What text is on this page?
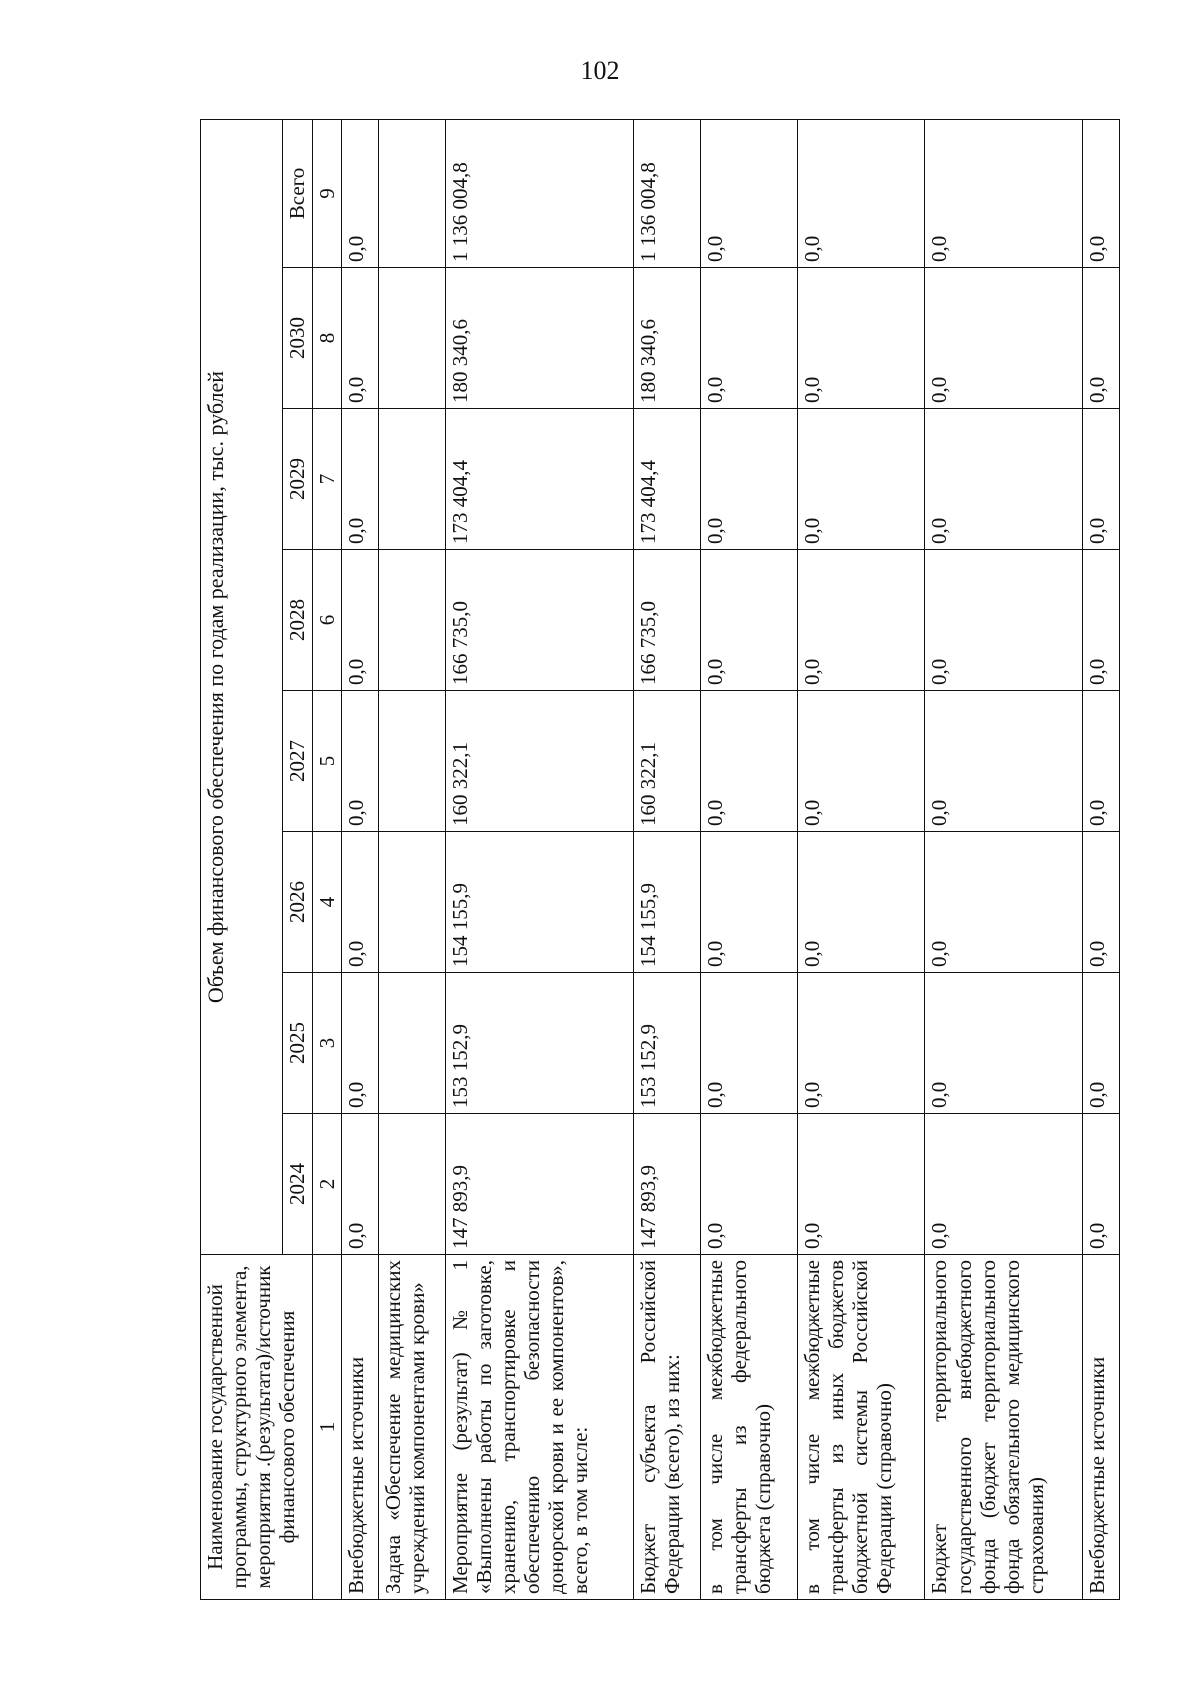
102
Наименование государственной программы, структурного элемента, мероприятия .(результата)/источник финансового обеспечения	Объем финансового обеспечения по годам реализации, тыс. рублей							
	2024	2025	2026	2027	2028	2029	2030	Всего
1	2	3	4	5	6	7	8	9
Внебюджетные источники	0,0	0,0	0,0	0,0	0,0	0,0	0,0	0,0
Задача «Обеспечение медицинских учреждений компонентами крови»								
Мероприятие (результат) № 1 «Выполнены работы по заготовке, хранению, транспортировке и обеспечению безопасности донорской крови и ее компонентов», всего, в том числе:	147 893,9	153 152,9	154 155,9	160 322,1	166 735,0	173 404,4	180 340,6	1 136 004,8
Бюджет субъекта Российской Федерации (всего), из них:	147 893,9	153 152,9	154 155,9	160 322,1	166 735,0	173 404,4	180 340,6	1 136 004,8
в том числе межбюджетные трансферты из федерального бюджета (справочно)	0,0	0,0	0,0	0,0	0,0	0,0	0,0	0,0
в том числе межбюджетные трансферты из иных бюджетов бюджетной системы Российской Федерации (справочно)	0,0	0,0	0,0	0,0	0,0	0,0	0,0	0,0
Бюджет территориального государственного внебюджетного фонда (бюджет территориального фонда обязательного медицинского страхования)	0,0	0,0	0,0	0,0	0,0	0,0	0,0	0,0
Внебюджетные источники	0,0	0,0	0,0	0,0	0,0	0,0	0,0	0,0
